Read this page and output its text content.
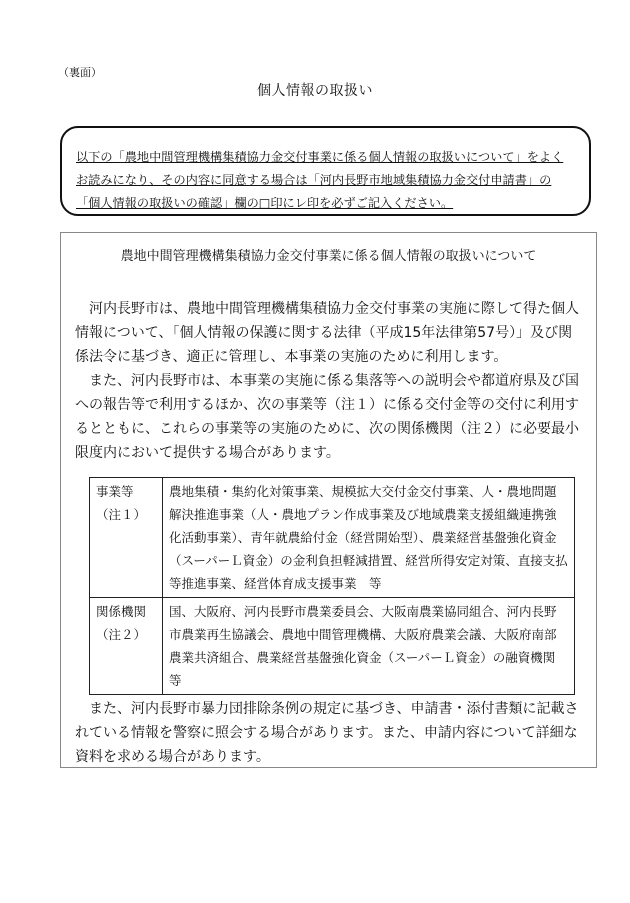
（裏面）
個人情報の取扱い
以下の「農地中間管理機構集積協力金交付事業に係る個人情報の取扱いについて」をよくお読みになり、その内容に同意する場合は「河内長野市地域集積協力金交付申請書」の「個人情報の取扱いの確認」欄の□印にレ印を必ずご記入ください。
農地中間管理機構集積協力金交付事業に係る個人情報の取扱いについて
河内長野市は、農地中間管理機構集積協力金交付事業の実施に際して得た個人情報について、「個人情報の保護に関する法律（平成15年法律第57号）」及び関係法令に基づき、適正に管理し、本事業の実施のために利用します。
また、河内長野市は、本事業の実施に係る集落等への説明会や都道府県及び国への報告等で利用するほか、次の事業等（注１）に係る交付金等の交付に利用するとともに、これらの事業等の実施のために、次の関係機関（注２）に必要最小限度内において提供する場合があります。
事業等
（注１）	農地集積・集約化対策事業、規模拡大交付金交付事業、人・農地問題解決推進事業（人・農地プラン作成事業及び地域農業支援組織連携強化活動事業）、青年就農給付金（経営開始型）、農業経営基盤強化資金（スーパーＬ資金）の金利負担軽減措置、経営所得安定対策、直接支払等推進事業、経営体育成支援事業　等
関係機関
（注２）	国、大阪府、河内長野市農業委員会、大阪南農業協同組合、河内長野市農業再生協議会、農地中間管理機構、大阪府農業会議、大阪府南部農業共済組合、農業経営基盤強化資金（スーパーＬ資金）の融資機関　等
また、河内長野市暴力団排除条例の規定に基づき、申請書・添付書類に記載されている情報を警察に照会する場合があります。また、申請内容について詳細な資料を求める場合があります。
